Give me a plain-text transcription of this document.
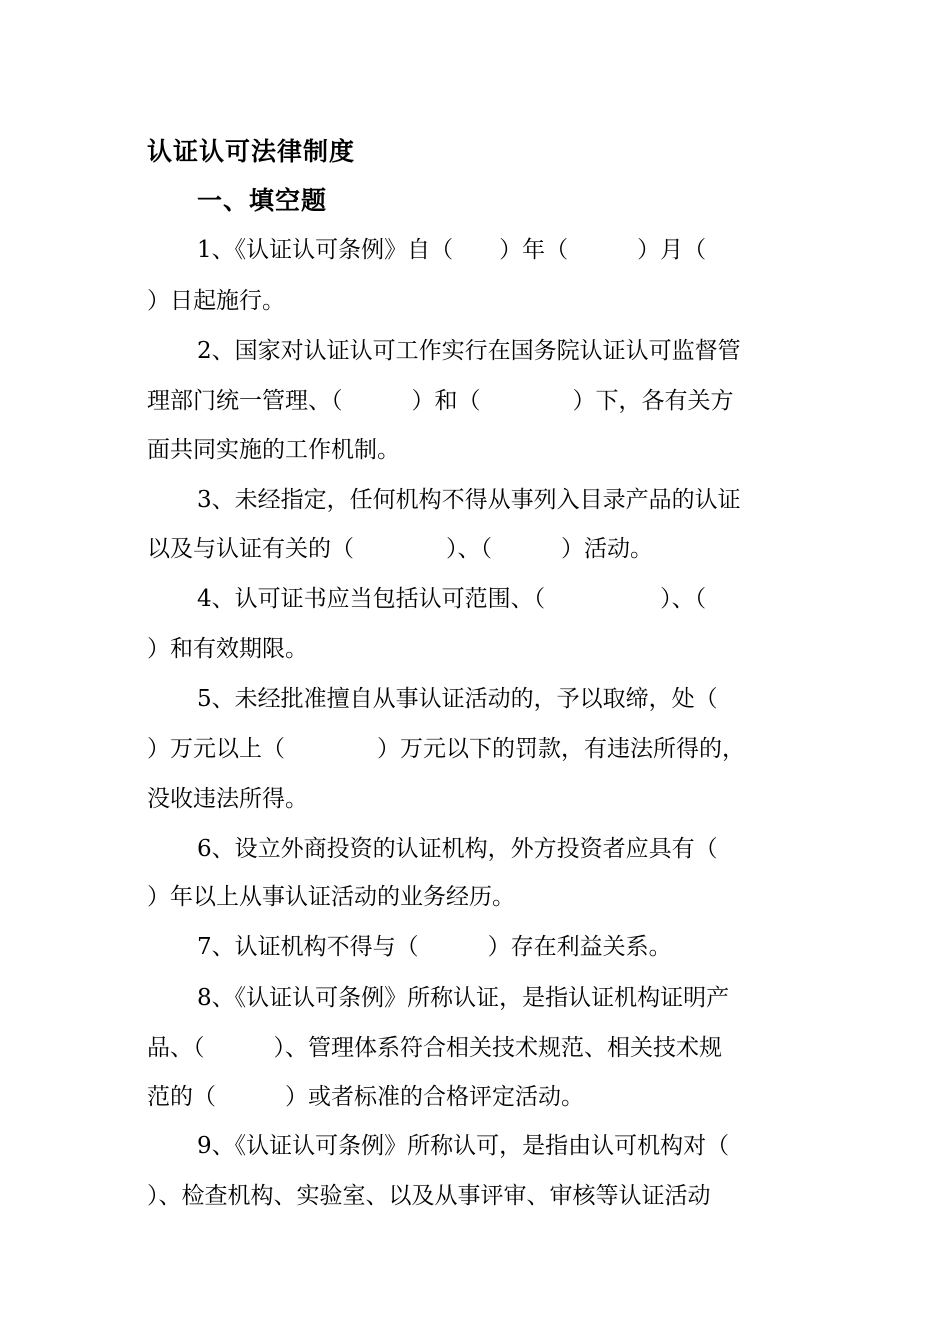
认证认可法律制度
一、填空题
1、《认证认可条例》自（　　）年（　　　）月（
）日起施行。
2、国家对认证认可工作实行在国务院认证认可监督管
理部门统一管理、（　　　）和（　　　　）下，各有关方
面共同实施的工作机制。
3、未经指定，任何机构不得从事列入目录产品的认证
以及与认证有关的（　　　　）、（　　　）活动。
4、认可证书应当包括认可范围、（　　　　　）、（
）和有效期限。
5、未经批准擅自从事认证活动的，予以取缔，处（
）万元以上（　　　　）万元以下的罚款，有违法所得的，
没收违法所得。
6、设立外商投资的认证机构，外方投资者应具有（
）年以上从事认证活动的业务经历。
7、认证机构不得与（　　　）存在利益关系。
8、《认证认可条例》所称认证，是指认证机构证明产
品、（　　　）、管理体系符合相关技术规范、相关技术规
范的（　　　）或者标准的合格评定活动。
9、《认证认可条例》所称认可，是指由认可机构对（
）、检查机构、实验室、以及从事评审、审核等认证活动
